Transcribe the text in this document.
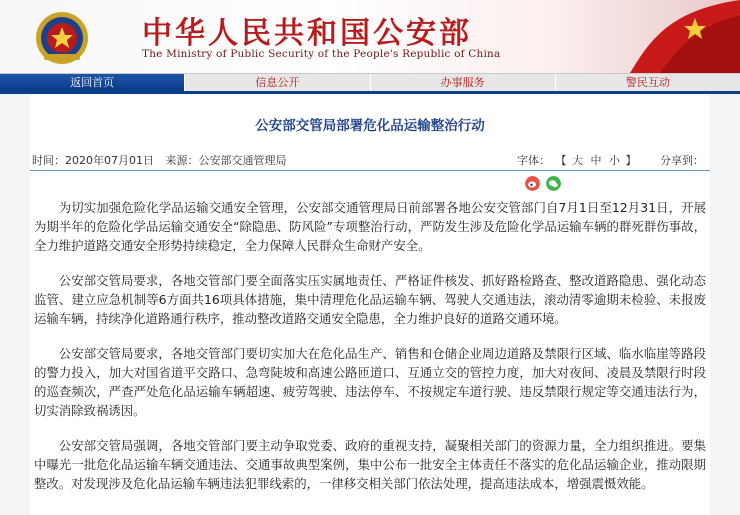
中华人民共和国公安部
The Ministry of Public Security of the People's Republic of China
返回首页	信息公开	办事服务	警民互动
公安部交管局部署危化品运输整治行动
时间：2020年07月01日 来源：公安部交通管理局	字体： 【 大 中 小 】 分享到：

为切实加强危险化学品运输交通安全管理，公安部交通管理局日前部署各地公安交管部门自7月1日至12月31日，开展为期半年的危险化学品运输交通安全“除隐患、防风险”专项整治行动，严防发生涉及危险化学品运输车辆的群死群伤事故，全力维护道路交通安全形势持续稳定，全力保障人民群众生命财产安全。

公安部交管局要求，各地交管部门要全面落实压实属地责任、严格证件核发、抓好路检路查、整改道路隐患、强化动态监管、建立应急机制等6方面共16项具体措施，集中清理危化品运输车辆、驾驶人交通违法，滚动清零逾期未检验、未报废运输车辆，持续净化道路通行秩序，推动整改道路交通安全隐患，全力维护良好的道路交通环境。

公安部交管局要求，各地交管部门要切实加大在危化品生产、销售和仓储企业周边道路及禁限行区域、临水临崖等路段的警力投入，加大对国省道平交路口、急弯陡坡和高速公路匝道口、互通立交的管控力度，加大对夜间、凌晨及禁限行时段的巡查频次，严查严处危化品运输车辆超速、疲劳驾驶、违法停车、不按规定车道行驶、违反禁限行规定等交通违法行为，切实消除致祸诱因。

公安部交管局强调，各地交管部门要主动争取党委、政府的重视支持，凝聚相关部门的资源力量，全力组织推进。要集中曝光一批危化品运输车辆交通违法、交通事故典型案例，集中公布一批安全主体责任不落实的危化品运输企业，推动限期整改。对发现涉及危化品运输车辆违法犯罪线索的，一律移交相关部门依法处理，提高违法成本，增强震慑效能。
